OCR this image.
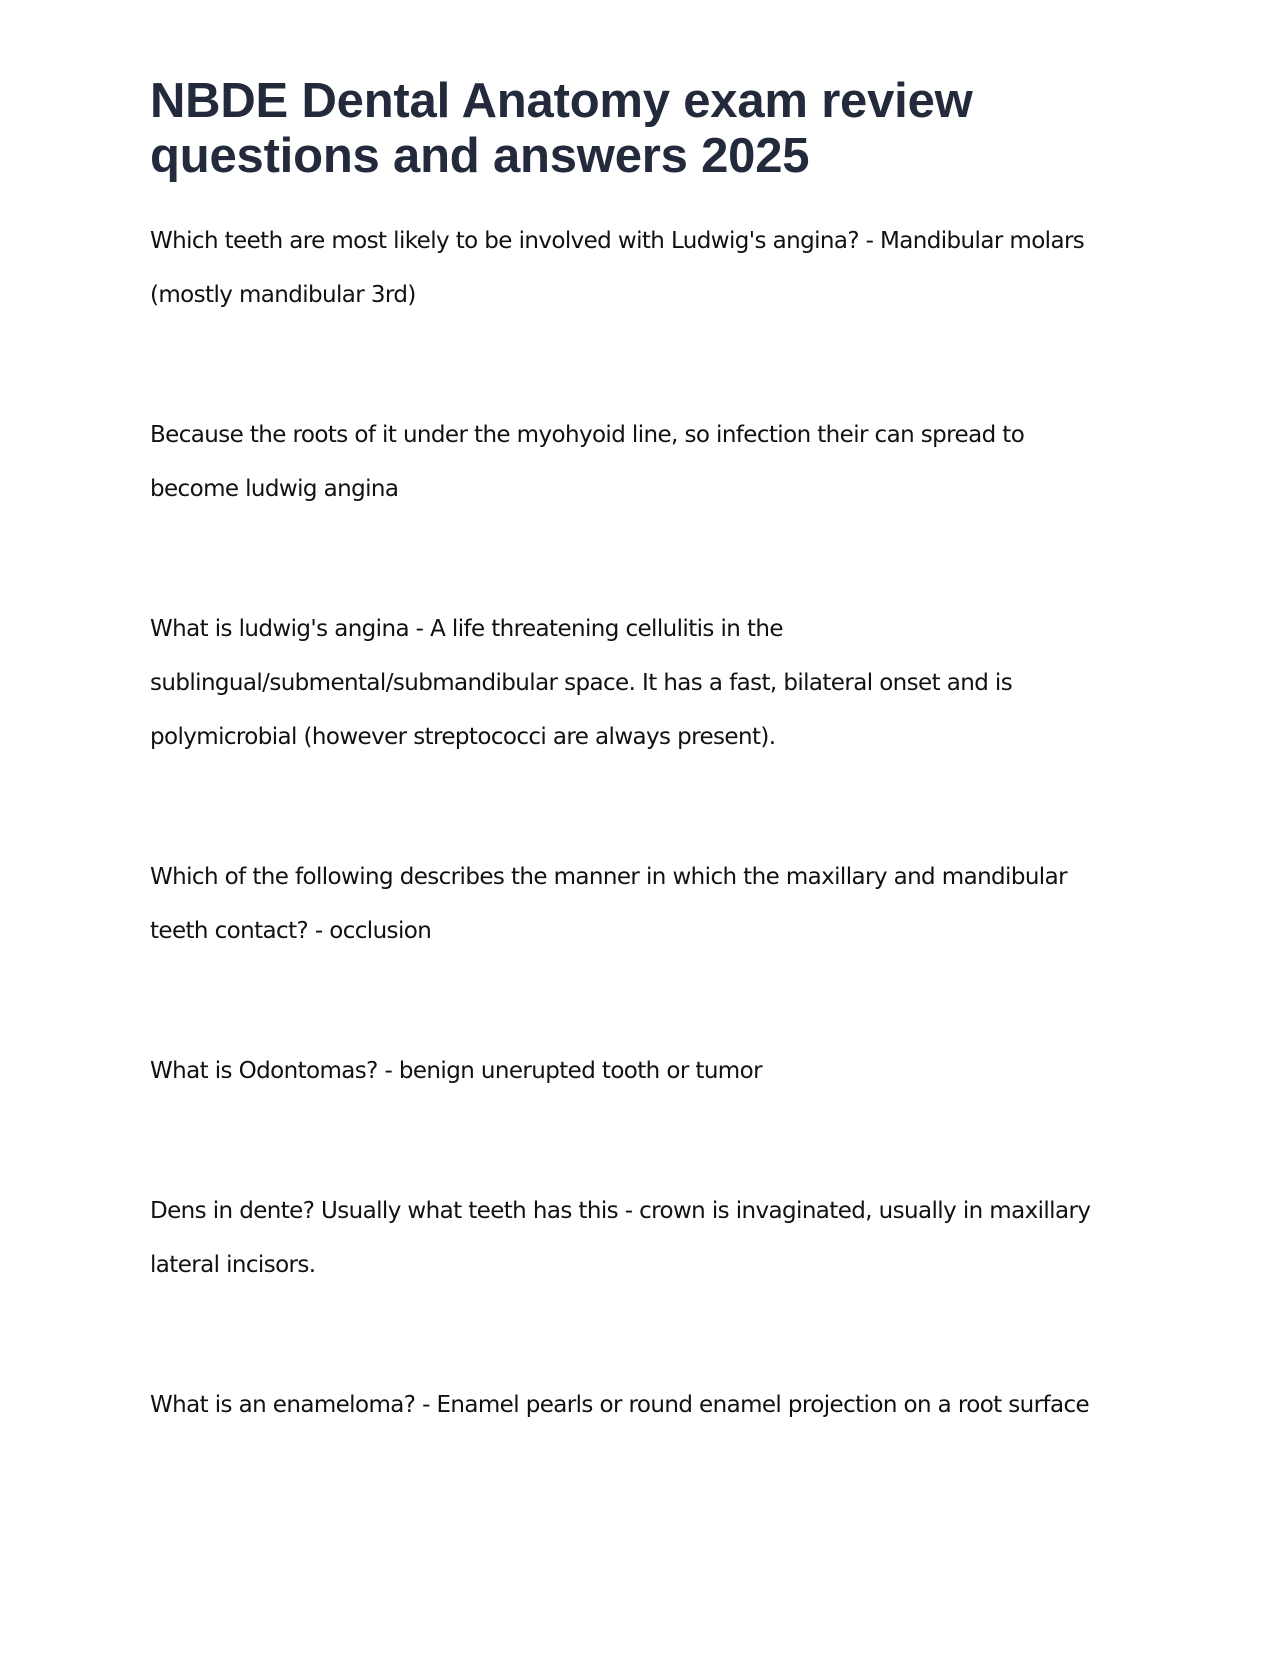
NBDE Dental Anatomy exam review questions and answers 2025

Which teeth are most likely to be involved with Ludwig's angina? - Mandibular molars (mostly mandibular 3rd)

Because the roots of it under the myohyoid line, so infection their can spread to become ludwig angina

What is ludwig's angina - A life threatening cellulitis in the sublingual/submental/submandibular space. It has a fast, bilateral onset and is polymicrobial (however streptococci are always present).

Which of the following describes the manner in which the maxillary and mandibular teeth contact? - occlusion

What is Odontomas? - benign unerupted tooth or tumor

Dens in dente? Usually what teeth has this - crown is invaginated, usually in maxillary lateral incisors.

What is an enameloma? - Enamel pearls or round enamel projection on a root surface
